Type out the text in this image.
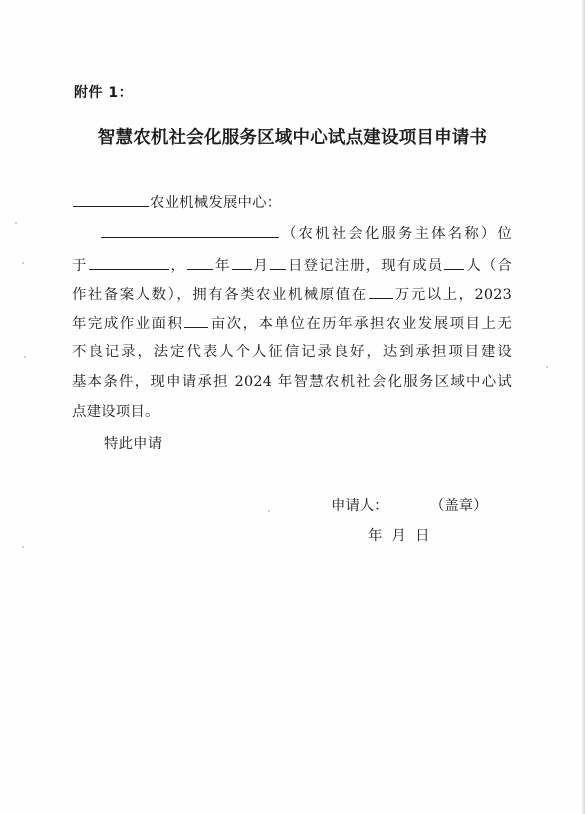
附件 1：
智慧农机社会化服务区域中心试点建设项目申请书
农业机械发展中心：
（农机社会化服务主体名称）位
于	， 年 月 日登记注册，现有成员 人（合
作社备案人数），拥有各类农业机械原值在 万元以上，2023
年完成作业面积 亩次，本单位在历年承担农业发展项目上无
不良记录，法定代表人个人征信记录良好，达到承担项目建设
基本条件，现申请承担 2024 年智慧农机社会化服务区域中心试
点建设项目。
特此申请
申请人：	（盖章）
年  月  日
